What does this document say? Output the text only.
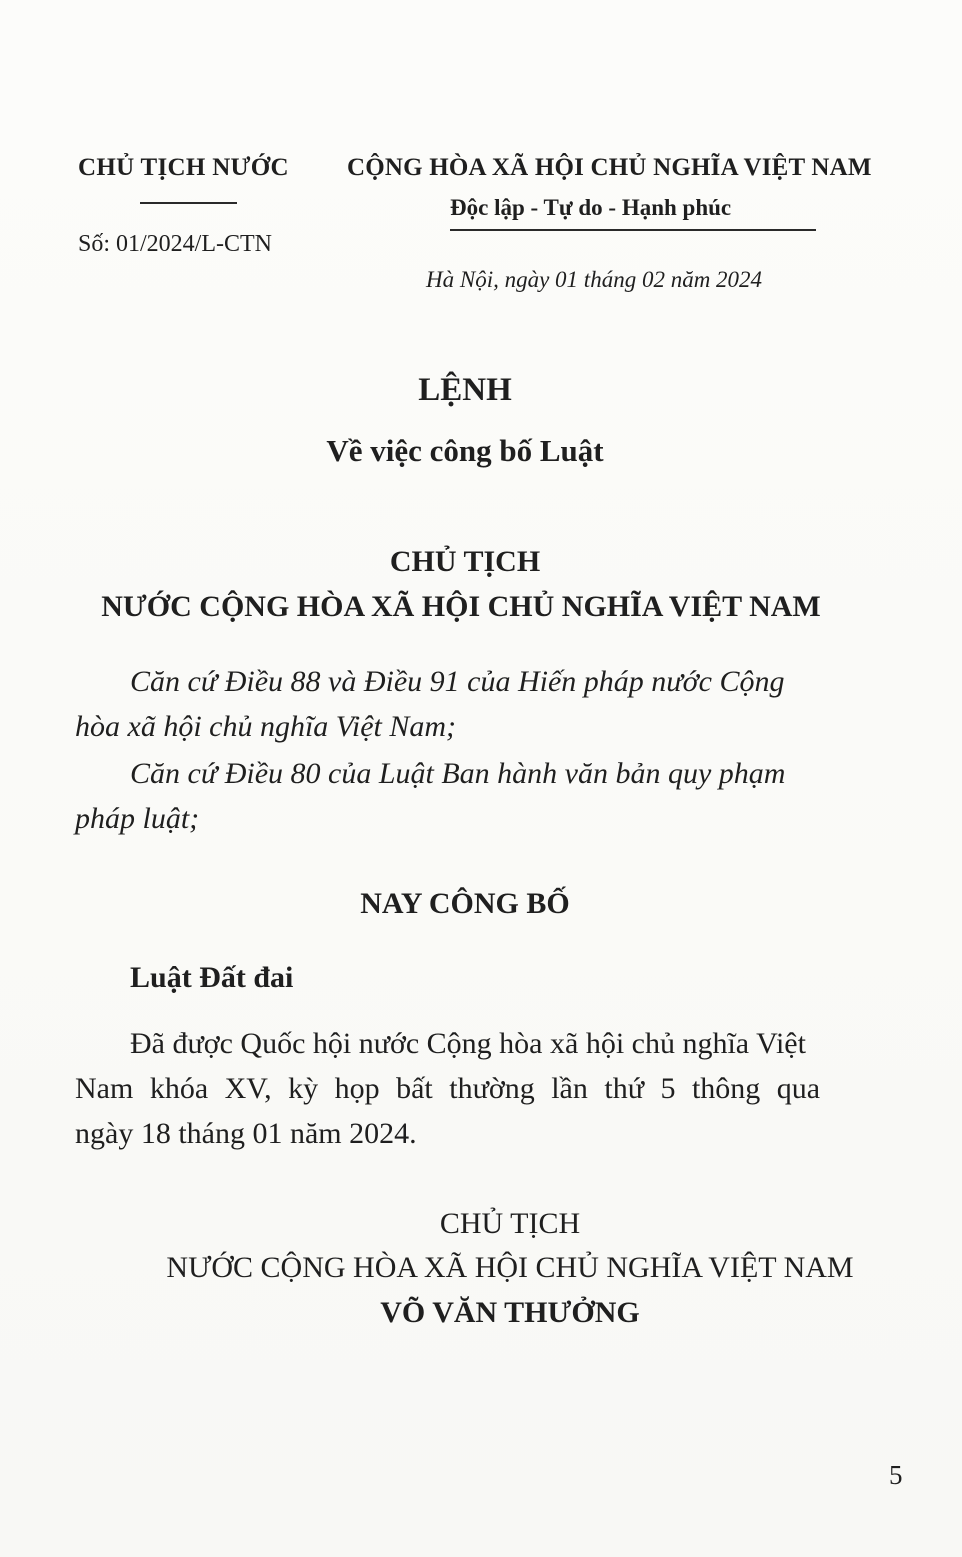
CHỦ TỊCH NƯỚC
Số: 01/2024/L-CTN
CỘNG HÒA XÃ HỘI CHỦ NGHĨA VIỆT NAM
Độc lập - Tự do - Hạnh phúc
Hà Nội, ngày 01 tháng 02 năm 2024
LỆNH
Về việc công bố Luật
CHỦ TỊCH
NƯỚC CỘNG HÒA XÃ HỘI CHỦ NGHĨA VIỆT NAM
Căn cứ Điều 88 và Điều 91 của Hiến pháp nước Cộng
hòa xã hội chủ nghĩa Việt Nam;
Căn cứ Điều 80 của Luật Ban hành văn bản quy phạm
pháp luật;
NAY CÔNG BỐ
Luật Đất đai
Đã được Quốc hội nước Cộng hòa xã hội chủ nghĩa Việt
Nam khóa XV, kỳ họp bất thường lần thứ 5 thông qua
ngày 18 tháng 01 năm 2024.
CHỦ TỊCH
NƯỚC CỘNG HÒA XÃ HỘI CHỦ NGHĨA VIỆT NAM
VÕ VĂN THƯỞNG
5
